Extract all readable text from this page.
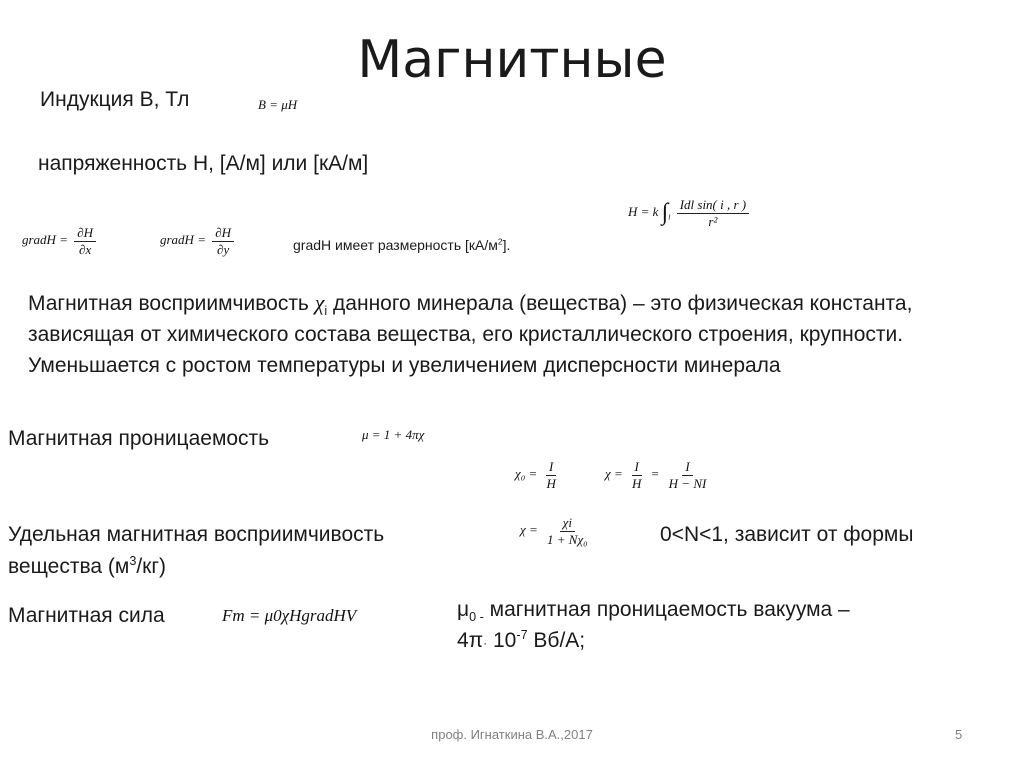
Магнитные
Индукция В, Тл	B = μH
напряженность Н, [А/м] или [кА/м]
H = k $\int_l \frac{\text{Idl sin( i , r )}}{\text{r²}}$
gradH = $\frac{\partial H}{\partial x}$	gradH = $\frac{\partial H}{\partial y}$	gradН имеет размерность $[кА/м^2]$.
Магнитная восприимчивость $\chi_i$ данного минерала (вещества) – это физическая константа, зависящая от химического состава вещества, его кристаллического строения, крупности. Уменьшается с ростом температуры и увеличением дисперсности минерала
Магнитная проницаемость	μ = 1 + 4πχ
$\chi_0 = \frac{I}{H}$	$\chi = \frac{I}{H} = \frac{I}{H - NI}$
Удельная магнитная восприимчивость
вещества $(м^3/кг)$
$\chi = \frac{\chi i}{\text{1 + Nχ₀}}$	0<N<1, зависит от формы
Магнитная сила	Fm = μ0χHgradHV	$\mu_{0 -}$ магнитная проницаемость вакуума –
$4\pi\cdot 10^{-7}$ Вб/А;
проф. Игнаткина В.А.,2017	5
